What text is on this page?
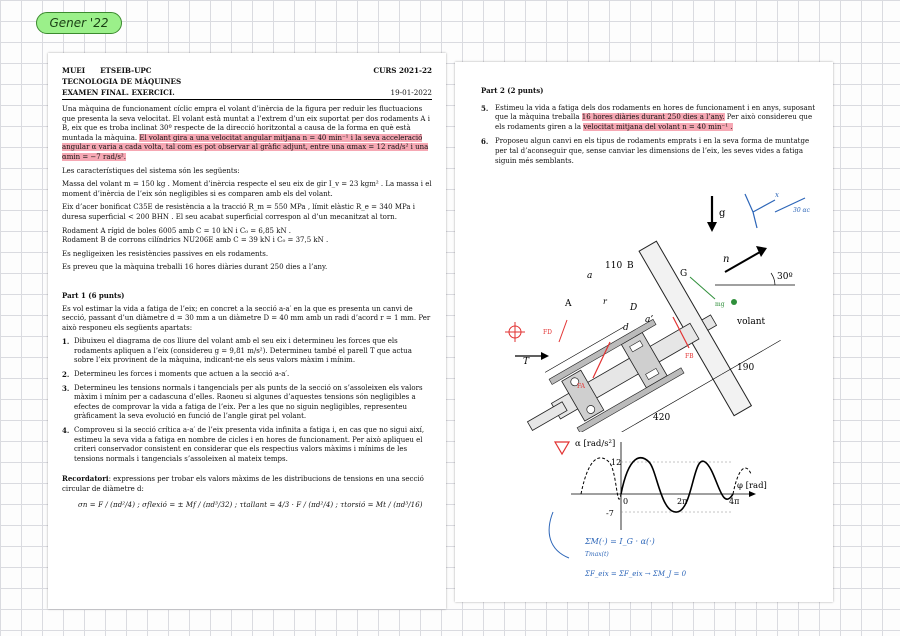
Gener '22
MUEI      ETSEIB-UPC	CURS 2021-22
TECNOLOGIA DE MÀQUINES
EXAMEN FINAL. EXERCICI.	19-01-2022

Una màquina de funcionament cíclic empra el volant d’inèrcia de la figura per reduir les fluctuacions que presenta la seva velocitat. El volant està muntat a l’extrem d’un eix suportat per dos rodaments A i B, eix que es troba inclinat 30º respecte de la direcció horitzontal a causa de la forma en què està muntada la màquina. El volant gira a una velocitat angular mitjana n = 40 min⁻¹ i la seva acceleració angular α varia a cada volta, tal com es pot observar al gràfic adjunt, entre una αmax = 12 rad/s² i una αmin = −7 rad/s².

Les característiques del sistema són les següents:

Massa del volant m = 150 kg . Moment d’inèrcia respecte el seu eix de gir I_v = 23 kgm² . La massa i el moment d’inèrcia de l’eix són negligibles si es comparen amb els del volant.

Eix d’acer bonificat C35E de resistència a la tracció R_m = 550 MPa , límit elàstic R_e = 340 MPa i duresa superficial < 200 BHN . El seu acabat superficial correspon al d’un mecanitzat al torn.

Rodament A rígid de boles 6005 amb C = 10 kN i C₀ = 6,85 kN .

Rodament B de corrons cilíndrics NU206E amb C = 39 kN i C₀ = 37,5 kN .

Es negligeixen les resistències passives en els rodaments.

Es preveu que la màquina treballi 16 hores diàries durant 250 dies a l’any.

Part 1 (6 punts)

Es vol estimar la vida a fatiga de l’eix; en concret a la secció a-a′ en la que es presenta un canvi de secció, passant d’un diàmetre d = 30 mm a un diàmetre D = 40 mm amb un radi d’acord r = 1 mm. Per això responeu els següents apartats:

1. Dibuixeu el diagrama de cos lliure del volant amb el seu eix i determineu les forces que els rodaments apliquen a l’eix (considereu g = 9,81 m/s²). Determineu també el parell T que actua sobre l’eix provinent de la màquina, indicant-ne els seus valors màxim i mínim.
2. Determineu les forces i moments que actuen a la secció a-a′.
3. Determineu les tensions normals i tangencials per als punts de la secció on s’assoleixen els valors màxim i mínim per a cadascuna d’elles. Raoneu si algunes d’aquestes tensions són negligibles a efectes de comprovar la vida a fatiga de l’eix. Per a les que no siguin negligibles, representeu gràficament la seva evolució en funció de l’angle girat pel volant.
4. Comproveu si la secció crítica a-a′ de l’eix presenta vida infinita a fatiga i, en cas que no sigui així, estimeu la seva vida a fatiga en nombre de cicles i en hores de funcionament. Per això apliqueu el criteri conservador consistent en considerar que els respectius valors màxims i mínims de les tensions normals i tangencials s’assoleixen al mateix temps.
Recordatori: expressions per trobar els valors màxims de les distribucions de tensions en una secció circular de diàmetre d:
σn = F / (πd²/4) ; σflexió = ± Mf / (πd³/32) ; τtallant = 4/3 · F / (πd²/4) ; τtorsió = Mt / (πd³/16)
Part 2 (2 punts)
5. Estimeu la vida a fatiga dels dos rodaments en hores de funcionament i en anys, suposant que la màquina treballa 16 hores diàries durant 250 dies a l’any. Per això considereu que els rodaments giren a la velocitat mitjana del volant n = 40 min⁻¹ .
6. Proposeu algun canvi en els tipus de rodaments emprats i en la seva forma de muntatge per tal d’aconseguir que, sense canviar les dimensions de l’eix, les seves vides a fatiga siguin més semblants.
g
n
30º
volant
A
B
G
D
d
a
a’
r
T
110
420
190
FA
FB
FD
mg
x
30 αc
α [rad/s²]
12
-7
0	2π	4π
φ [rad]
ΣM(·) = I_G · α(·)
Tmax(t)
ΣF_eix = ΣF_eix → ΣM_J = 0
